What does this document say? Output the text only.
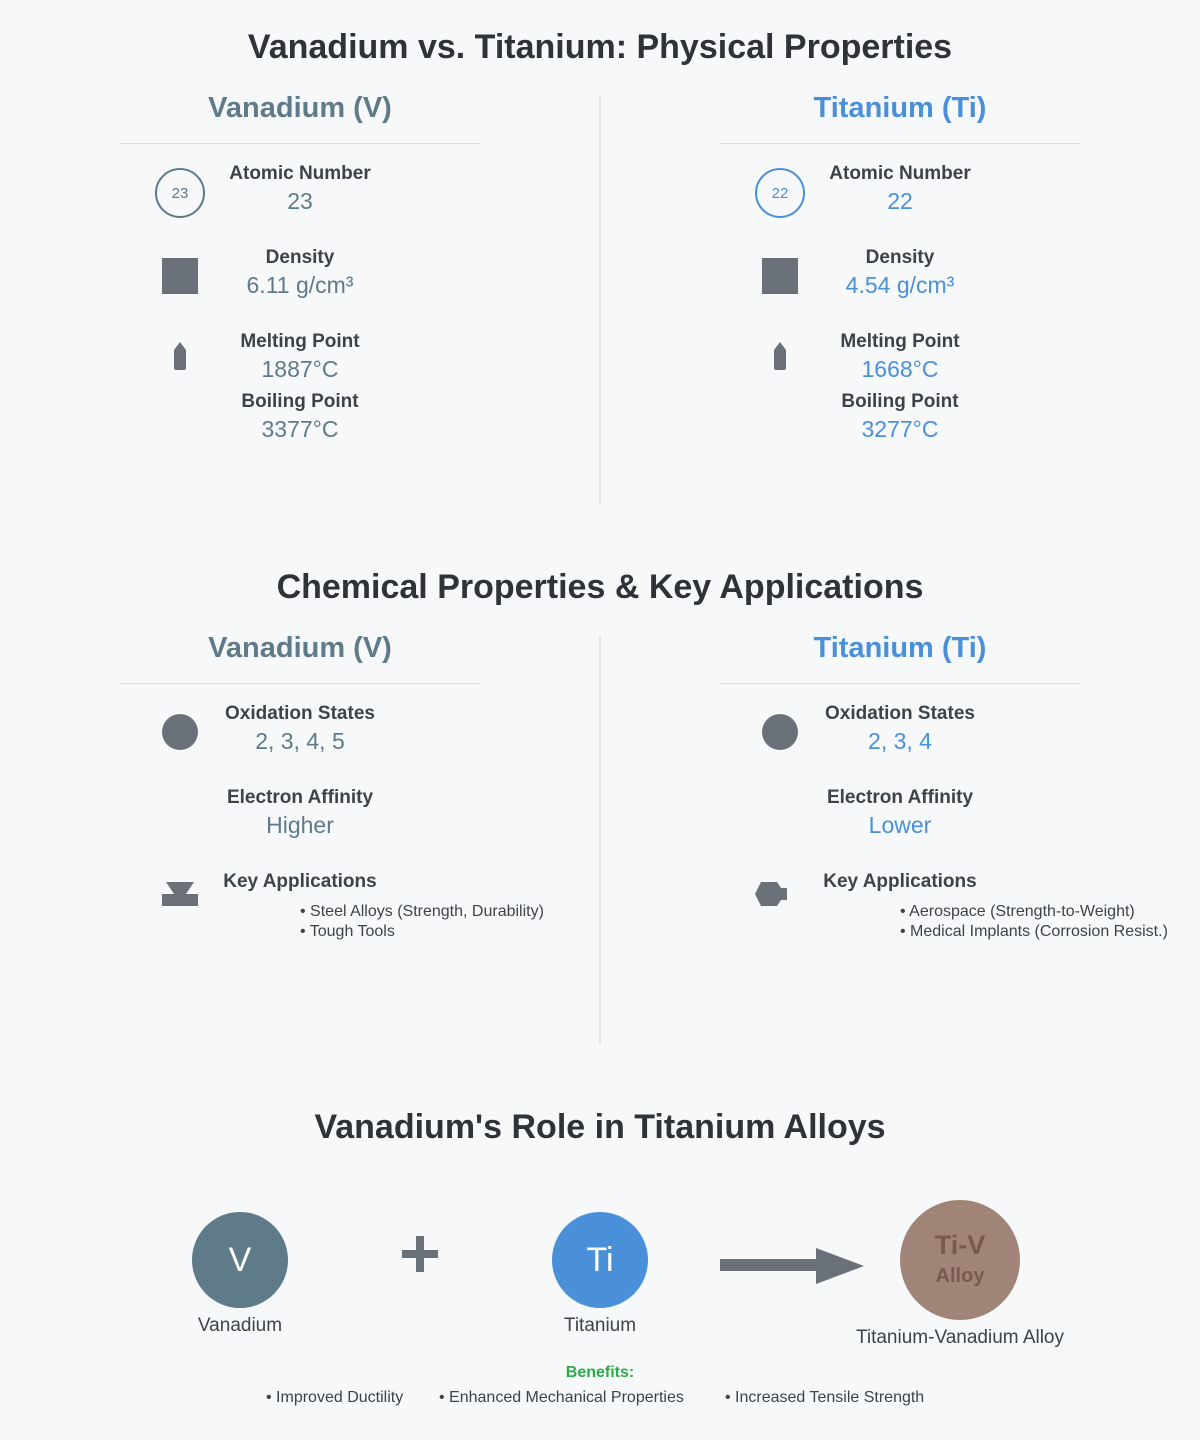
Vanadium vs. Titanium: Physical Properties
Vanadium (V)
23
Atomic Number
23
Density
6.11 g/cm³
Melting Point
1887°C
Boiling Point
3377°C
Titanium (Ti)
22
Atomic Number
22
Density
4.54 g/cm³
Melting Point
1668°C
Boiling Point
3277°C
Chemical Properties & Key Applications
Vanadium (V)
Oxidation States
2, 3, 4, 5
Electron Affinity
Higher
Key Applications
• Steel Alloys (Strength, Durability)
• Tough Tools
Titanium (Ti)
Oxidation States
2, 3, 4
Electron Affinity
Lower
Key Applications
• Aerospace (Strength-to-Weight)
• Medical Implants (Corrosion Resist.)
Vanadium's Role in Titanium Alloys
V
Vanadium
Ti
Titanium
Ti-V
Alloy
Titanium-Vanadium Alloy
Benefits:
• Improved Ductility • Enhanced Mechanical Properties	• Increased Tensile Strength
